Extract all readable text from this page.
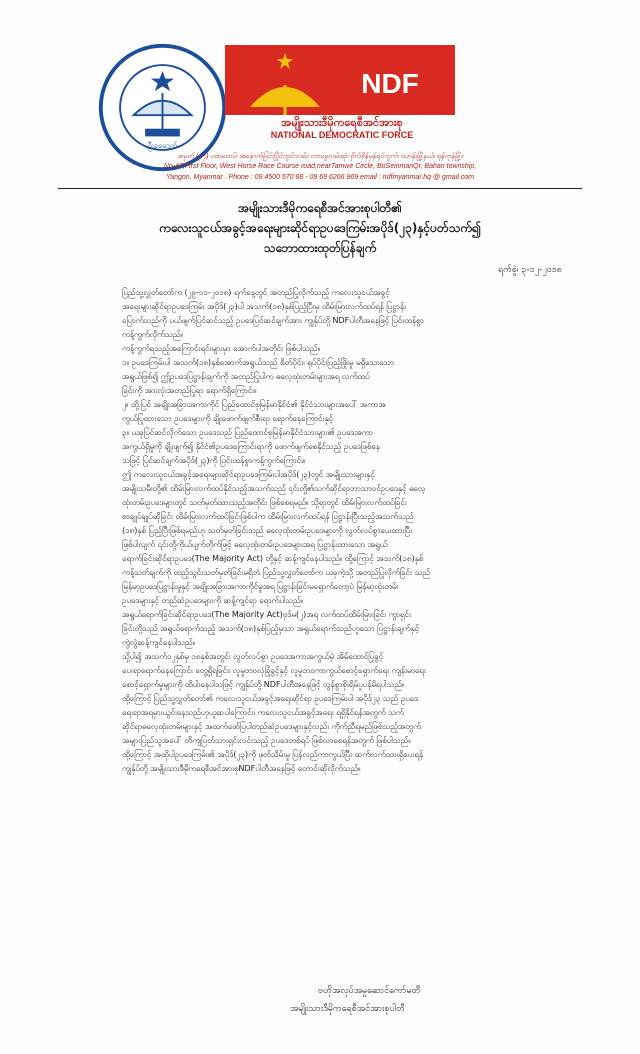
ဦးခမောက်
NDF
အမျိုးသားဒီမိုကရေစီအင်အားစု
NATIONAL DEMOCRATIC FORCE
အမှတ် (၄၇) ပထမထပ်၊ အနောက်မြင်းပြိုင်ကွင်းလမ်း၊ တာမွေလမ်းဆုံ၊ ဗိုလ်စိန်မှန်ရပ်ကွက်၊ ဗဟန်းမြို့နယ်၊ ရန်ကုန်မြို့။
No-47,First Floor, West Horse Race Course road,nearTamwe Circle, BoSeinmanQr, Bahan township,
Yangon, Myanmar . Phone : 09 4500 570 88 - 09 69 6266 969 email : ndfmyanmar.hq @ gmail.com
အမျိုးသားဒီမိုကရေစီအင်အားစုပါတီ၏
ကလေးသူငယ်အခွင့်အရေးများဆိုင်ရာဥပဒေကြမ်းအပိုဒ်(၂၃)နှင့်ပတ်သက်၍
သဘောထားထုတ်ပြန်ချက်
ရက်စွဲ၊ ၃-၁၂-၂၀၁၈
ပြည်သူ့လွှတ်တော်က (၂၉-၁၁-၂၀၁၈) ရက်နေ့တွင် အတည်ပြုလိုက်သည့် ကလေးသူငယ်အခွင့်
အရေးများဆိုင်ရာဥပဒေကြမ်း အပိုဒ်(၂၃)ပါ အသက်(၁၈)နှစ်ပြည့်ပြီးမှ ထိမ်းမြားလက်ထပ်ရန် ပြဋ္ဌာန်း
ပြောက်သည်ကို ပယ်ဖျက်ပြင်ဆင်သည့် ဥပဒေပြင်ဆင်ချက်အား ကျွန်ုပ်တို့ NDFပါတီအနေဖြင့် ပြင်းထန်စွာ
ကန့်ကွက်လိုက်သည်။
ကန့်ကွက်ရသည့်အကြောင်းရင်းများမှာ အောက်ပါအတိုင်း ဖြစ်ပါသည်။
၁။ ဥပဒေကြမ်းပါ အသက်(၁၈)နှစ်အောက်အရွယ်သည် စိတ်ပိုင်း၊ ရုပ်ပိုင်းပြည့်ဖြိုးမှု မရှိသေးသော
အရွယ်ဖြစ်၍ ဤဥပဒေပြဋ္ဌာန်းချက်ကို အတည်ပြုပါက ဓလေ့ထုံးတမ်းများအရ လက်ထပ်
ခြင်းကို အားလုံးအတည်ပြုရာ ရောက်ရှိကြောင်း။
၂။ ထို့ပြင် အချိုးအခြားအကာကိုင် ပြည်ထောင်စုမြန်မာနိုင်ငံ၏ နိုင်ငံသားများအပေါ် အကာအ
ကွယ်ပြုထားသော ဥပဒေများကို ချိုးဖောက်ဖျက်စီးရာ ရောက်နေကြောင်းနှင့်
၃။ ယခုပြင်ဆင်လိုက်သော ဥပဒေသည် ပြည်ထောင်စုမြန်မာနိုင်ငံသားများ၏ ဥပဒေအကာ
အကွယ်ရှိမှုကို ချိုးဖျက်၍ နိုင်ငံ၏ဥပဒေကြောင်းရာကို ဖောက်ဖျက်စေနိုင်သည့် ဥပဒေဖြစ်နေ
သဖြင့် ပြင်ဆင်ချက်အပိုဒ်(၂၃)ကို ပြင်းထန်စွာကန့်ကွက်ကြောင်း။
ဤ ကလေးသူငယ်အခွင့်အရေးများဆိုင်ရာဥပဒေကြမ်းပါအပိုဒ်(၂၃)တွင် အမျိုးသားများနှင့်
အမျိုးသမီးတို့၏ ထိမ်းမြားလက်ထပ်နိုင်သည့်အသက်သည် ၎င်းတို့၏သက်ဆိုင်ရာဘာသာဝင်ဥပဒေနှင့် ဓလေ့
ထုံးတမ်းဥပဒေများတွင် သတ်မှတ်ထားသည့်အတိုင်း ဖြစ်စေရမည်။ သို့ရာတွင် ထိမ်းမြားလက်ထပ်ခြင်း
စာချုပ်ချုပ်ဆိုခြင်း ထိမ်းမြားလက်ထပ်ခြင်းဖြစ်ပါက ထိမ်းမြားလက်ထပ်ရန် ပြဋ္ဌာန်းပြီးသည့်အသက်သည်
(၁၈)နှစ် ပြည့်ပြီးဖြစ်ရမည်ဟု သတ်မှတ်ခြင်းသည် ဓလေ့ထုံးတမ်းဥပဒေများကို လွတ်လပ်စွာပေးထားပြီး
ဖြစ်ပါလျက် ၎င်းတို့ကိုယ်ပျက်တိုက်ဖြင့် ဓလေ့ထုံးတမ်းဥပဒေများအရ ပြဋ္ဌာန်းထားသော အရွယ်
ရောက်ခြင်းဆိုင်ရာဥပဒေ(The Majority Act) တို့နှင့် ဆန့်ကျင်နေပါသည်။ ထို့ကြောင့် အသက်(၁၈)နှစ်
ကန့်သတ်ချက်ကို ထည့်သွင်းသတ်မှတ်ခြင်းမရှိဘဲ ပြည်သူ့လွှတ်တော်က ယခုကဲ့သို့ အတည်ပြုလိုက်ခြင်း သည်
မြန်မာ့ဥပဒေပြဋ္ဌာန်းမှုနှင့် အချိုးအခြားအကာကိုင်မှုအရ ပြဋ္ဌာန်းခြင်းမရှောက်တော့ပဲ မြန်မာ့ထုံးတမ်း
ဥပဒေများနှင့် တည်ဆဲဥပဒေများကို ဆန့်ကျင်ရာ ရောက်ပါသည်။
အရွယ်ရောက်ခြင်းဆိုင်ရာဥပဒေ(The Majority Act)ဗုဒ်မ(၂)အရ လက်ထပ်ထိမ်းမြားခြင်း ကွာရှင်း
ခြင်းတို့သည် အရွယ်ရောက်သည့် အသက်(၁၈)နှစ်ပြည့်မှသာ အရွယ်ရောက်သည်ဟူသော ပြဋ္ဌာန်းချက်နှင့်
ကွဲလွဲဆန့်ကျင်နေပါသည်။
သို့ပါ၍ အသက်၁၂နှစ်မှ ၁၈နှစ်အတွင်း လွတ်လပ်စွာ ဥပဒေအကာအကွယ်မဲ့ အိမ်ထောင်ပြုခွင့်
ပေးရာရောက်နေကြောင်း တွေ့ရှိရခြင်း၊ လူမှုဘဝလုံခြုံခွင့်နှင့် လူမှုဘဝကာကွယ်စောင့်ရှောက်ရေး ကျန်းမာရေး
စောင့်ရှောက်မှုများကို ထိပါးနေပါသဖြင့် ကျွန်ုပ်တို့ NDFပါတီအနေဖြင့် လွန်စွာစိုးရိမ်ပူပန်မိရပါသည်။
ထို့ကြောင့် ပြည်သူ့လွှတ်တော်၏ ကလေးသူငယ်အခွင့်အရေးဆိုင်ရာ ဥပဒေကြမ်းပါ အပိုဒ်၂၃ သည် ဥပဒေ
ရေးရာအရမှားယွင်းနေသည်ဟုယူဆပါကြောင်း၊ ကလေးသူငယ်အခွင့်အရေး ရရှိနိုင်ရန်အတွက် သက်
ဆိုင်ရာဓလေ့ထုံးတမ်းများနှင့် အထက်ဖော်ပြပါတည်ဆဲဥပဒေများနှင့်လည်း ကိုက်ညီရမည်ဖြစ်သည့်အတွက်
အများပြည်သူအပေါ် တိကျပြတ်သားရှင်းလင်းသည့် ဥပဒေတစ်ရပ် ဖြစ်လာစေရန်အတွက် ဖြစ်ပါသည်။
ထို့ကြောင့် အထိုပါဥပဒေကြမ်း၏ အပိုဒ်(၂၃)ကို ဖုတ်သိမ်းမှု ပြန်လည်ကာကွယ်ပြီး ဆက်လက်ထားရှိပေးရန်
ကျွန်ုပ်တို့ အမျိုးသားဒီမိုကရေစီအင်အားစုNDFပါတီအနေဖြင့် တောင်းဆိုလိုက်သည်။
ဗဟိုအလုပ်အမှုဆောင်ကော်မတီ
အမျိုးသားဒီမိုကရေစီအင်အားစုပါတီ
